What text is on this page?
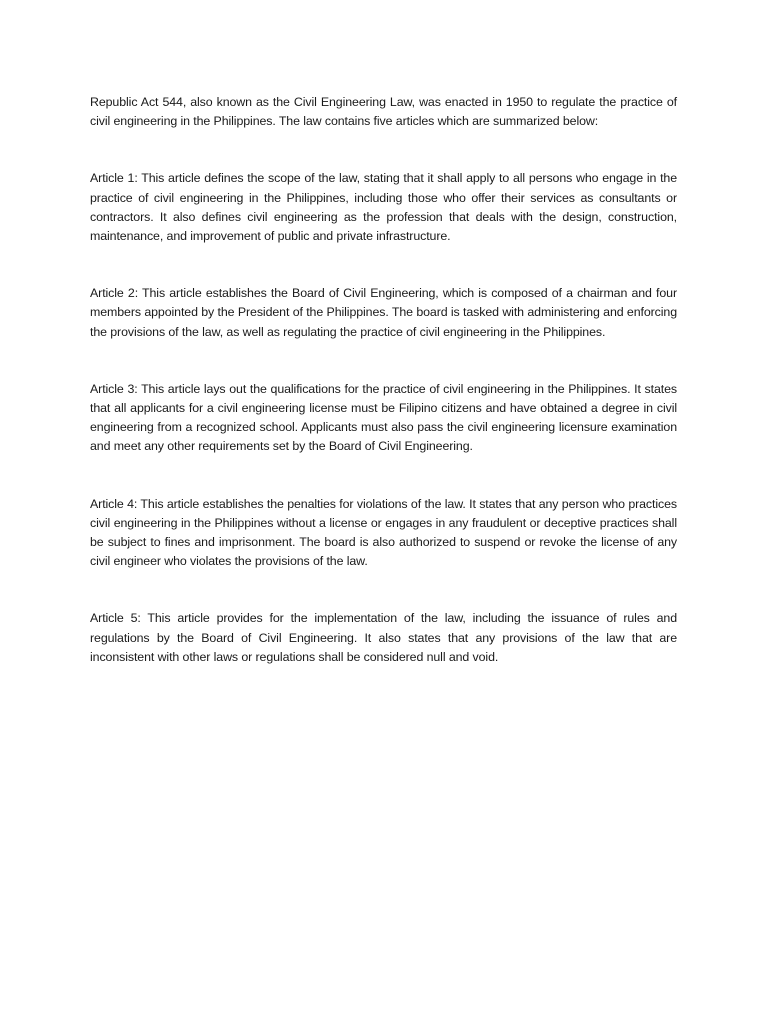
Republic Act 544, also known as the Civil Engineering Law, was enacted in 1950 to regulate the practice of civil engineering in the Philippines. The law contains five articles which are summarized below:

Article 1: This article defines the scope of the law, stating that it shall apply to all persons who engage in the practice of civil engineering in the Philippines, including those who offer their services as consultants or contractors. It also defines civil engineering as the profession that deals with the design, construction, maintenance, and improvement of public and private infrastructure.

Article 2: This article establishes the Board of Civil Engineering, which is composed of a chairman and four members appointed by the President of the Philippines. The board is tasked with administering and enforcing the provisions of the law, as well as regulating the practice of civil engineering in the Philippines.

Article 3: This article lays out the qualifications for the practice of civil engineering in the Philippines. It states that all applicants for a civil engineering license must be Filipino citizens and have obtained a degree in civil engineering from a recognized school. Applicants must also pass the civil engineering licensure examination and meet any other requirements set by the Board of Civil Engineering.

Article 4: This article establishes the penalties for violations of the law. It states that any person who practices civil engineering in the Philippines without a license or engages in any fraudulent or deceptive practices shall be subject to fines and imprisonment. The board is also authorized to suspend or revoke the license of any civil engineer who violates the provisions of the law.

Article 5: This article provides for the implementation of the law, including the issuance of rules and regulations by the Board of Civil Engineering. It also states that any provisions of the law that are inconsistent with other laws or regulations shall be considered null and void.
